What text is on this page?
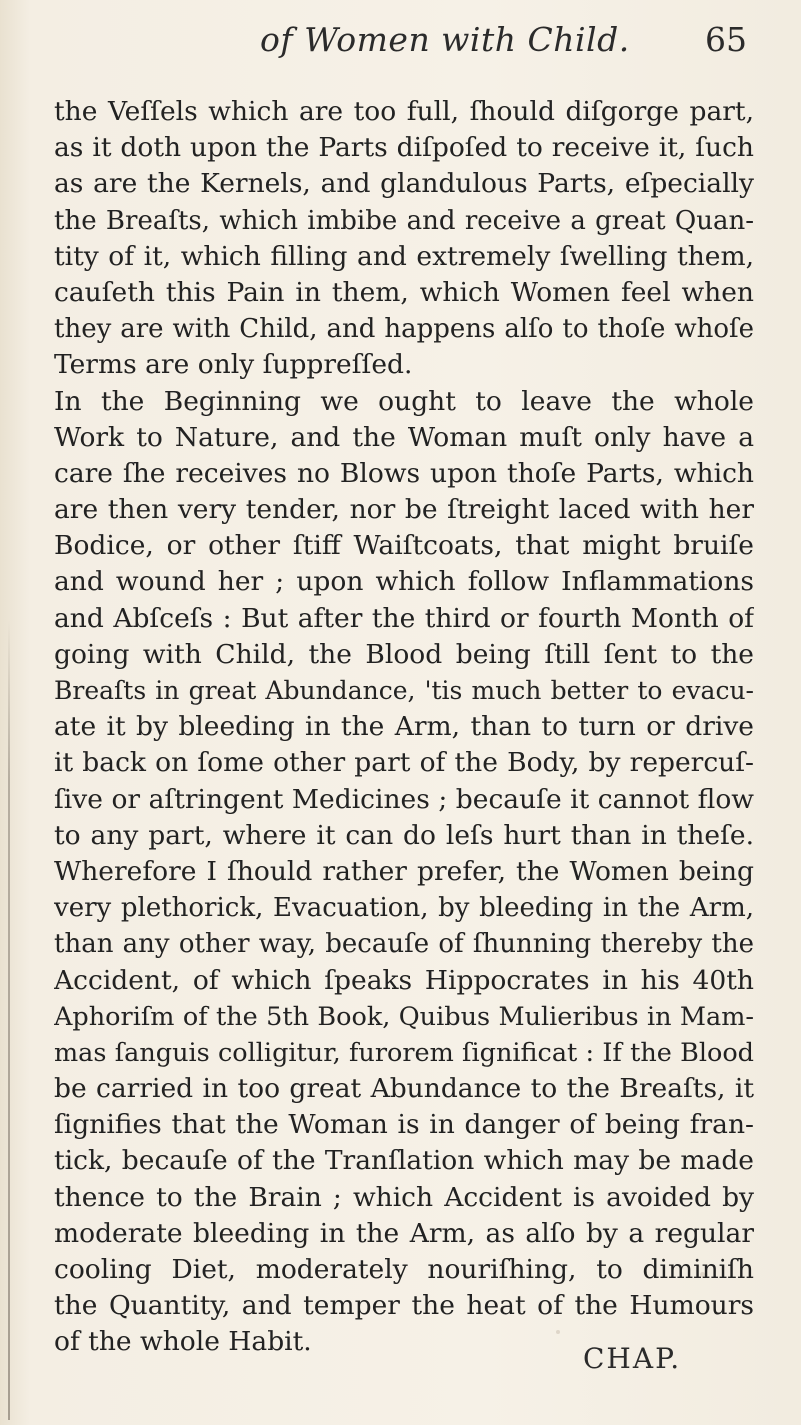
of Women with Child. 65
the Veſſels which are too full, ſhould diſgorge part,
as it doth upon the Parts diſpoſed to receive it, ſuch
as are the Kernels, and glandulous Parts, eſpecially
the Breaſts, which imbibe and receive a great Quan-
tity of it, which filling and extremely ſwelling them,
cauſeth this Pain in them, which Women feel when
they are with Child, and happens alſo to thoſe whoſe
Terms are only ſuppreſſed.
In the Beginning we ought to leave the whole
Work to Nature, and the Woman muſt only have a
care ſhe receives no Blows upon thoſe Parts, which
are then very tender, nor be ſtreight laced with her
Bodice, or other ſtiff Waiſtcoats, that might bruiſe
and wound her ; upon which follow Inflammations
and Abſceſs : But after the third or fourth Month of
going with Child, the Blood being ſtill ſent to the
Breaſts in great Abundance, 'tis much better to evacu-
ate it by bleeding in the Arm, than to turn or drive
it back on ſome other part of the Body, by repercuſ-
ſive or aſtringent Medicines ; becauſe it cannot flow
to any part, where it can do leſs hurt than in theſe.
Wherefore I ſhould rather prefer, the Women being
very plethorick, Evacuation, by bleeding in the Arm,
than any other way, becauſe of ſhunning thereby the
Accident, of which ſpeaks Hippocrates in his 40th
Aphoriſm of the 5th Book, Quibus Mulieribus in Mam-
mas ſanguis colligitur, furorem ſignificat : If the Blood
be carried in too great Abundance to the Breaſts, it
ſignifies that the Woman is in danger of being fran-
tick, becauſe of the Tranſlation which may be made
thence to the Brain ; which Accident is avoided by
moderate bleeding in the Arm, as alſo by a regular
cooling Diet, moderately nouriſhing, to diminiſh
the Quantity, and temper the heat of the Humours
of the whole Habit.
CHAP.
